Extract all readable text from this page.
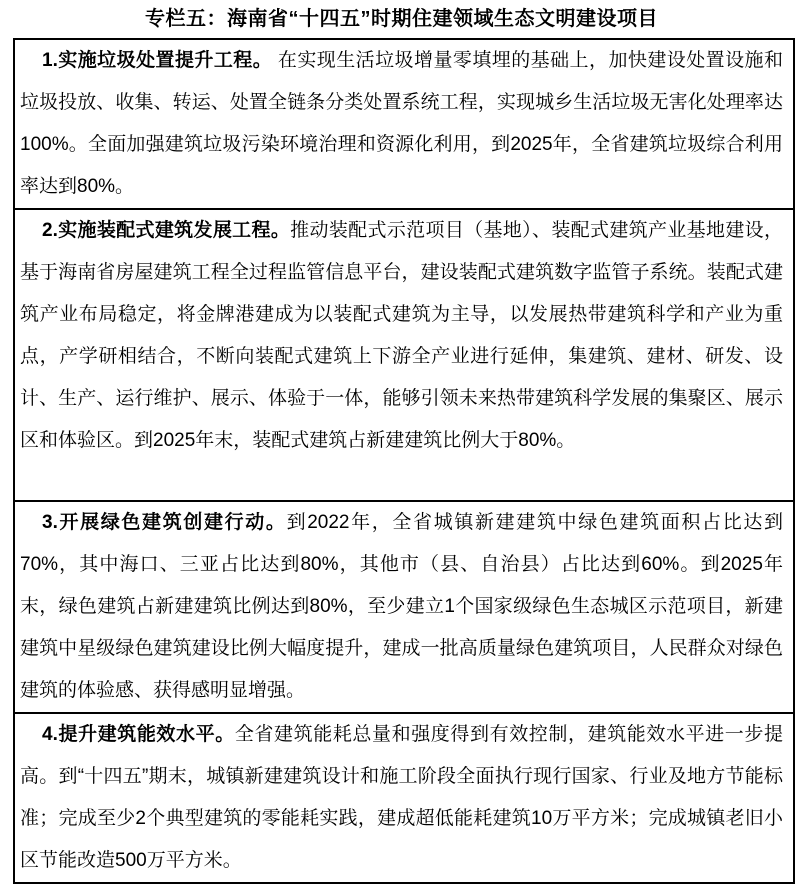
专栏五：海南省“十四五”时期住建领域生态文明建设项目

1.实施垃圾处置提升工程。 在实现生活垃圾增量零填埋的基础上，加快建设处置设施和垃圾投放、收集、转运、处置全链条分类处置系统工程，实现城乡生活垃圾无害化处理率达100%。全面加强建筑垃圾污染环境治理和资源化利用，到2025年，全省建筑垃圾综合利用率达到80%。

2.实施装配式建筑发展工程。推动装配式示范项目（基地）、装配式建筑产业基地建设，基于海南省房屋建筑工程全过程监管信息平台，建设装配式建筑数字监管子系统。装配式建筑产业布局稳定，将金牌港建成为以装配式建筑为主导，以发展热带建筑科学和产业为重点，产学研相结合，不断向装配式建筑上下游全产业进行延伸，集建筑、建材、研发、设计、生产、运行维护、展示、体验于一体，能够引领未来热带建筑科学发展的集聚区、展示区和体验区。到2025年末，装配式建筑占新建建筑比例大于80%。

3.开展绿色建筑创建行动。到2022年，全省城镇新建建筑中绿色建筑面积占比达到70%，其中海口、三亚占比达到80%，其他市（县、自治县）占比达到60%。到2025年末，绿色建筑占新建建筑比例达到80%，至少建立1个国家级绿色生态城区示范项目，新建建筑中星级绿色建筑建设比例大幅度提升，建成一批高质量绿色建筑项目，人民群众对绿色建筑的体验感、获得感明显增强。

4.提升建筑能效水平。全省建筑能耗总量和强度得到有效控制，建筑能效水平进一步提高。到“十四五”期末，城镇新建建筑设计和施工阶段全面执行现行国家、行业及地方节能标准；完成至少2个典型建筑的零能耗实践，建成超低能耗建筑10万平方米；完成城镇老旧小区节能改造500万平方米。
